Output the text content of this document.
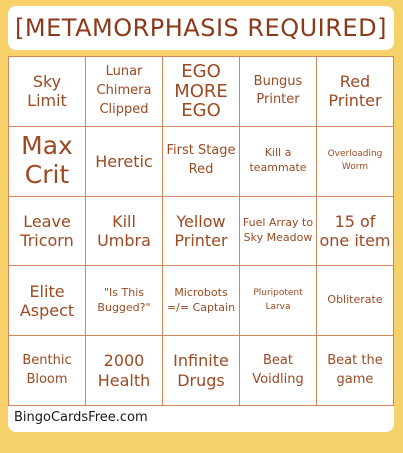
[METAMORPHASIS REQUIRED]
Sky Limit
Lunar Chimera Clipped
EGO MORE EGO
Bungus Printer
Red Printer
Max Crit	Heretic
First Stage Red
Kill a teammate
Overloading Worm
Leave Tricorn
Kill Umbra
Yellow Printer
Fuel Array to Sky Meadow
15 of one item
Elite Aspect
"Is This Bugged?"
Microbots =/= Captain
Pluripotent Larva
Obliterate
Benthic Bloom
2000 Health
Infinite Drugs
Beat Voidling
Beat the game
BingoCardsFree.com
